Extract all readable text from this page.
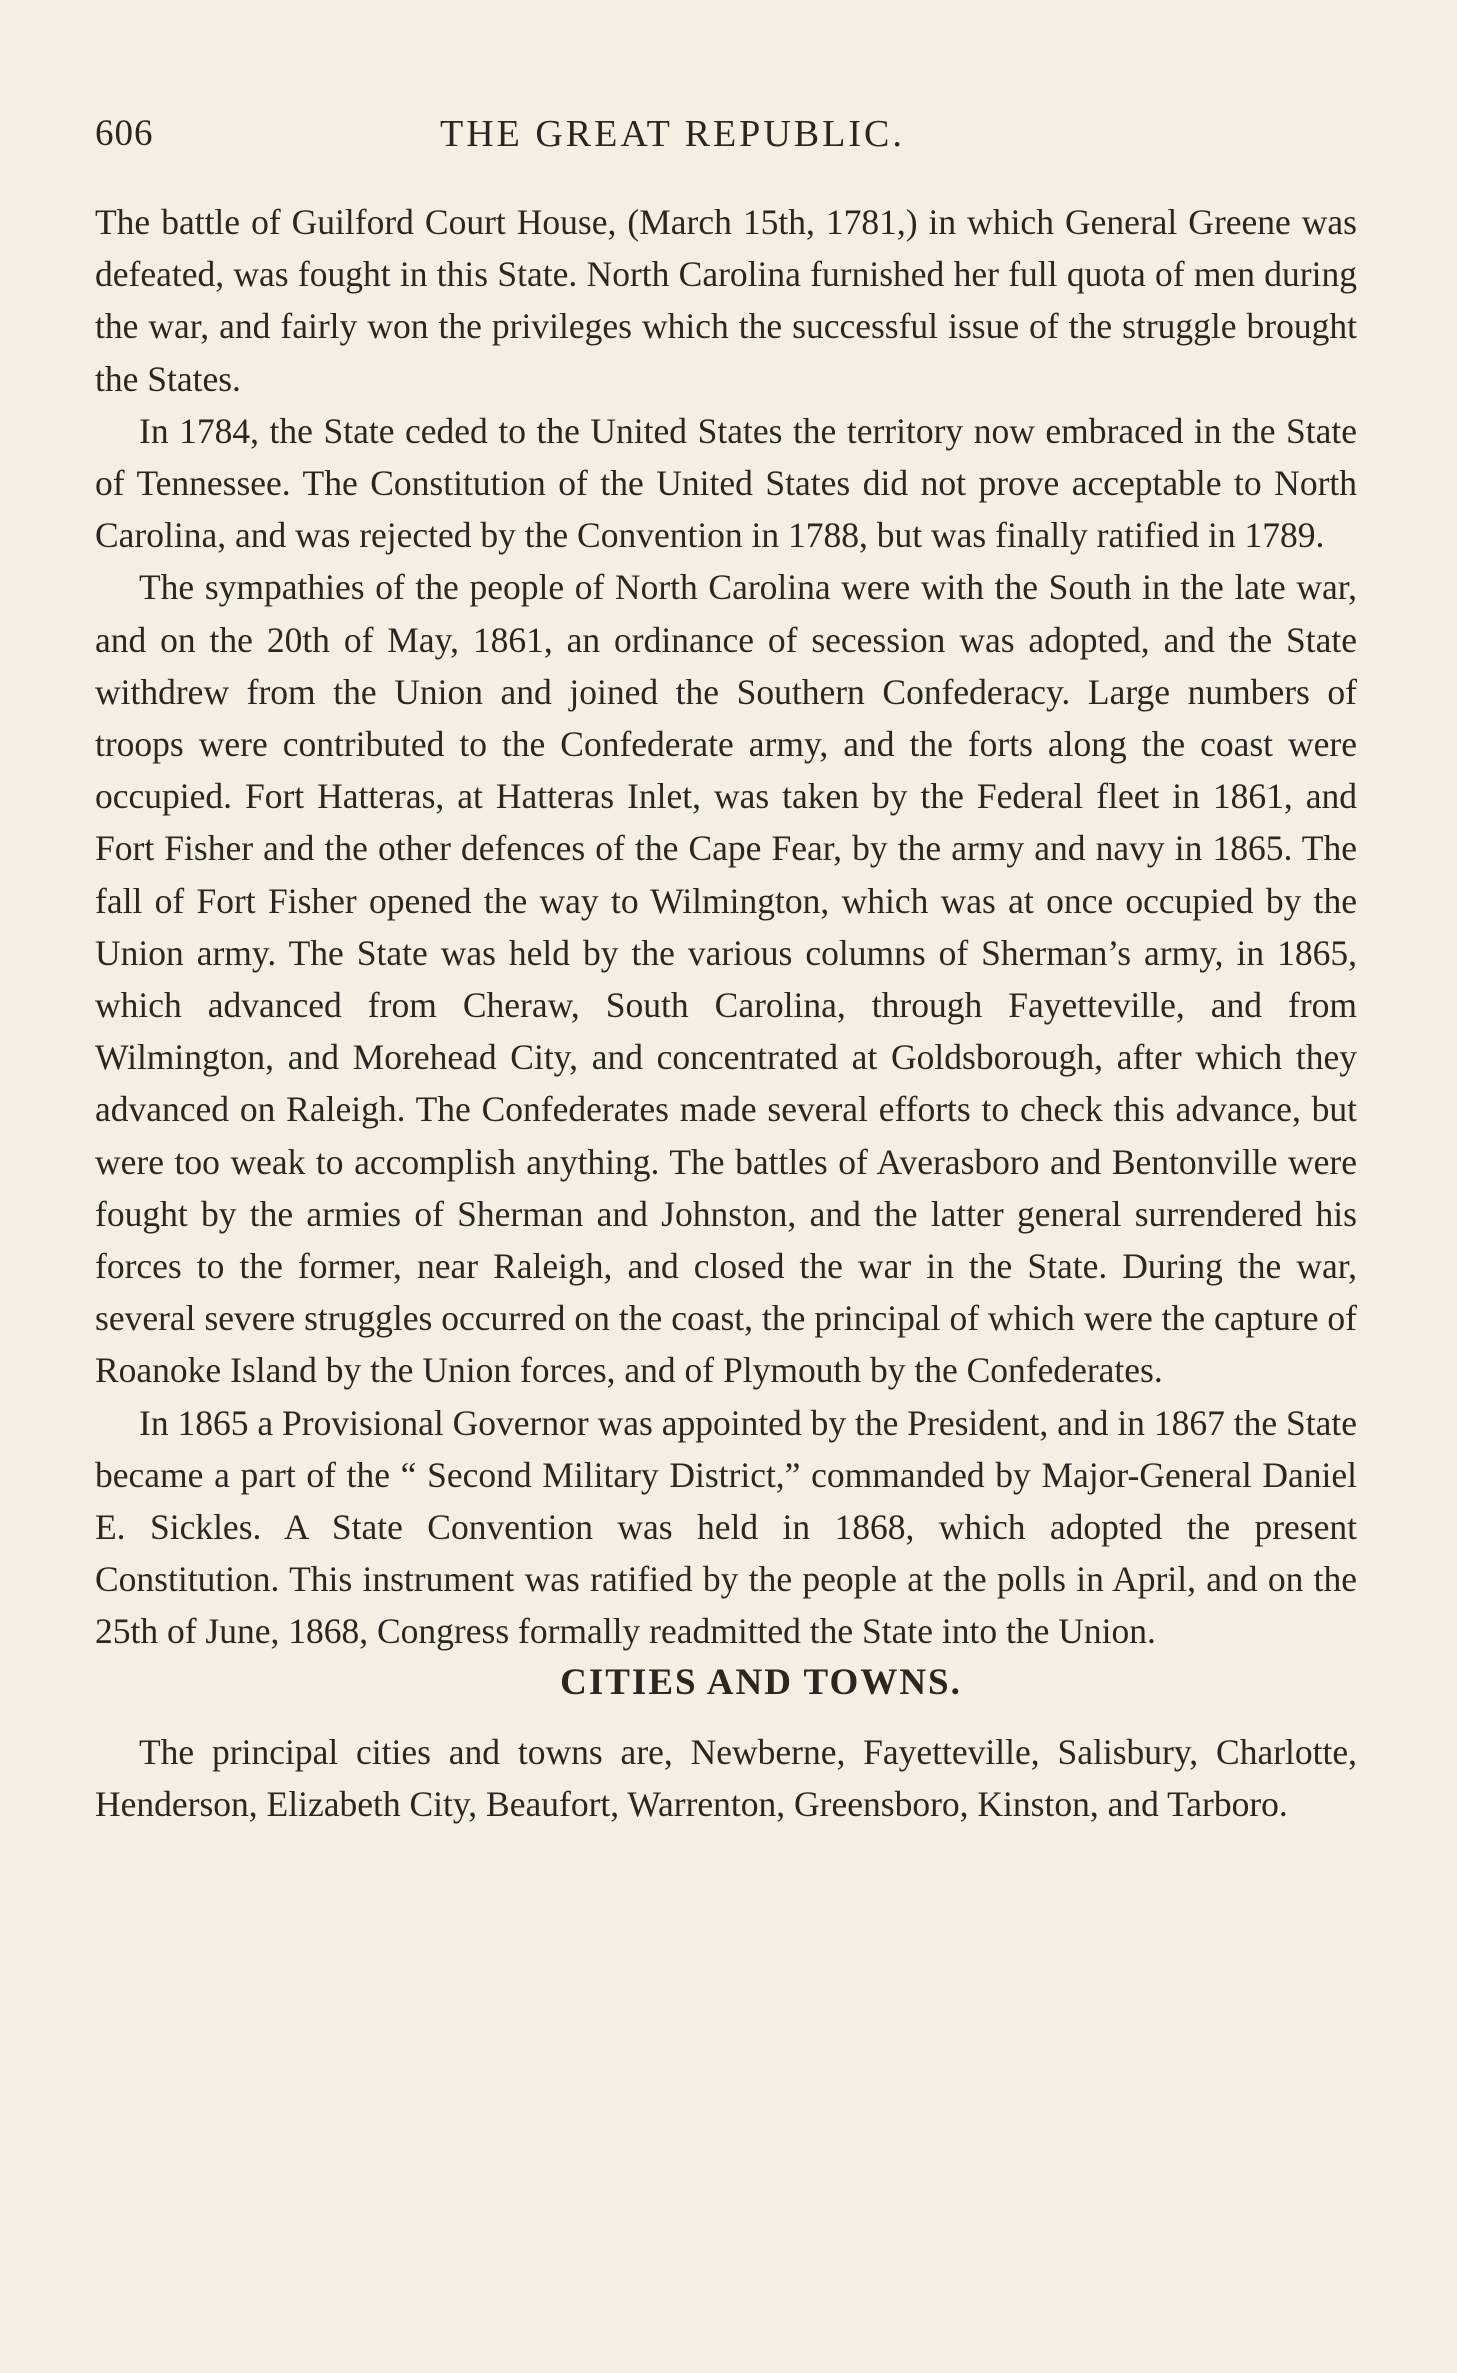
606	THE GREAT REPUBLIC.

The battle of Guilford Court House, (March 15th, 1781,) in which General Greene was defeated, was fought in this State. North Carolina furnished her full quota of men during the war, and fairly won the privileges which the successful issue of the struggle brought the States.

In 1784, the State ceded to the United States the territory now embraced in the State of Tennessee. The Constitution of the United States did not prove acceptable to North Carolina, and was rejected by the Convention in 1788, but was finally ratified in 1789.

The sympathies of the people of North Carolina were with the South in the late war, and on the 20th of May, 1861, an ordinance of secession was adopted, and the State withdrew from the Union and joined the Southern Confederacy. Large numbers of troops were contributed to the Confederate army, and the forts along the coast were occupied. Fort Hatteras, at Hatteras Inlet, was taken by the Federal fleet in 1861, and Fort Fisher and the other defences of the Cape Fear, by the army and navy in 1865. The fall of Fort Fisher opened the way to Wilmington, which was at once occupied by the Union army. The State was held by the various columns of Sherman’s army, in 1865, which advanced from Cheraw, South Carolina, through Fayetteville, and from Wilmington, and Morehead City, and concentrated at Goldsborough, after which they advanced on Raleigh. The Confederates made several efforts to check this advance, but were too weak to accomplish anything. The battles of Averasboro and Bentonville were fought by the armies of Sherman and Johnston, and the latter general surrendered his forces to the former, near Raleigh, and closed the war in the State. During the war, several severe struggles occurred on the coast, the principal of which were the capture of Roanoke Island by the Union forces, and of Plymouth by the Confederates.

In 1865 a Provisional Governor was appointed by the President, and in 1867 the State became a part of the “ Second Military District,” commanded by Major-General Daniel E. Sickles. A State Convention was held in 1868, which adopted the present Constitution. This instrument was ratified by the people at the polls in April, and on the 25th of June, 1868, Congress formally readmitted the State into the Union.

CITIES AND TOWNS.

The principal cities and towns are, Newberne, Fayetteville, Salisbury, Charlotte, Henderson, Elizabeth City, Beaufort, Warrenton, Greensboro, Kinston, and Tarboro.
